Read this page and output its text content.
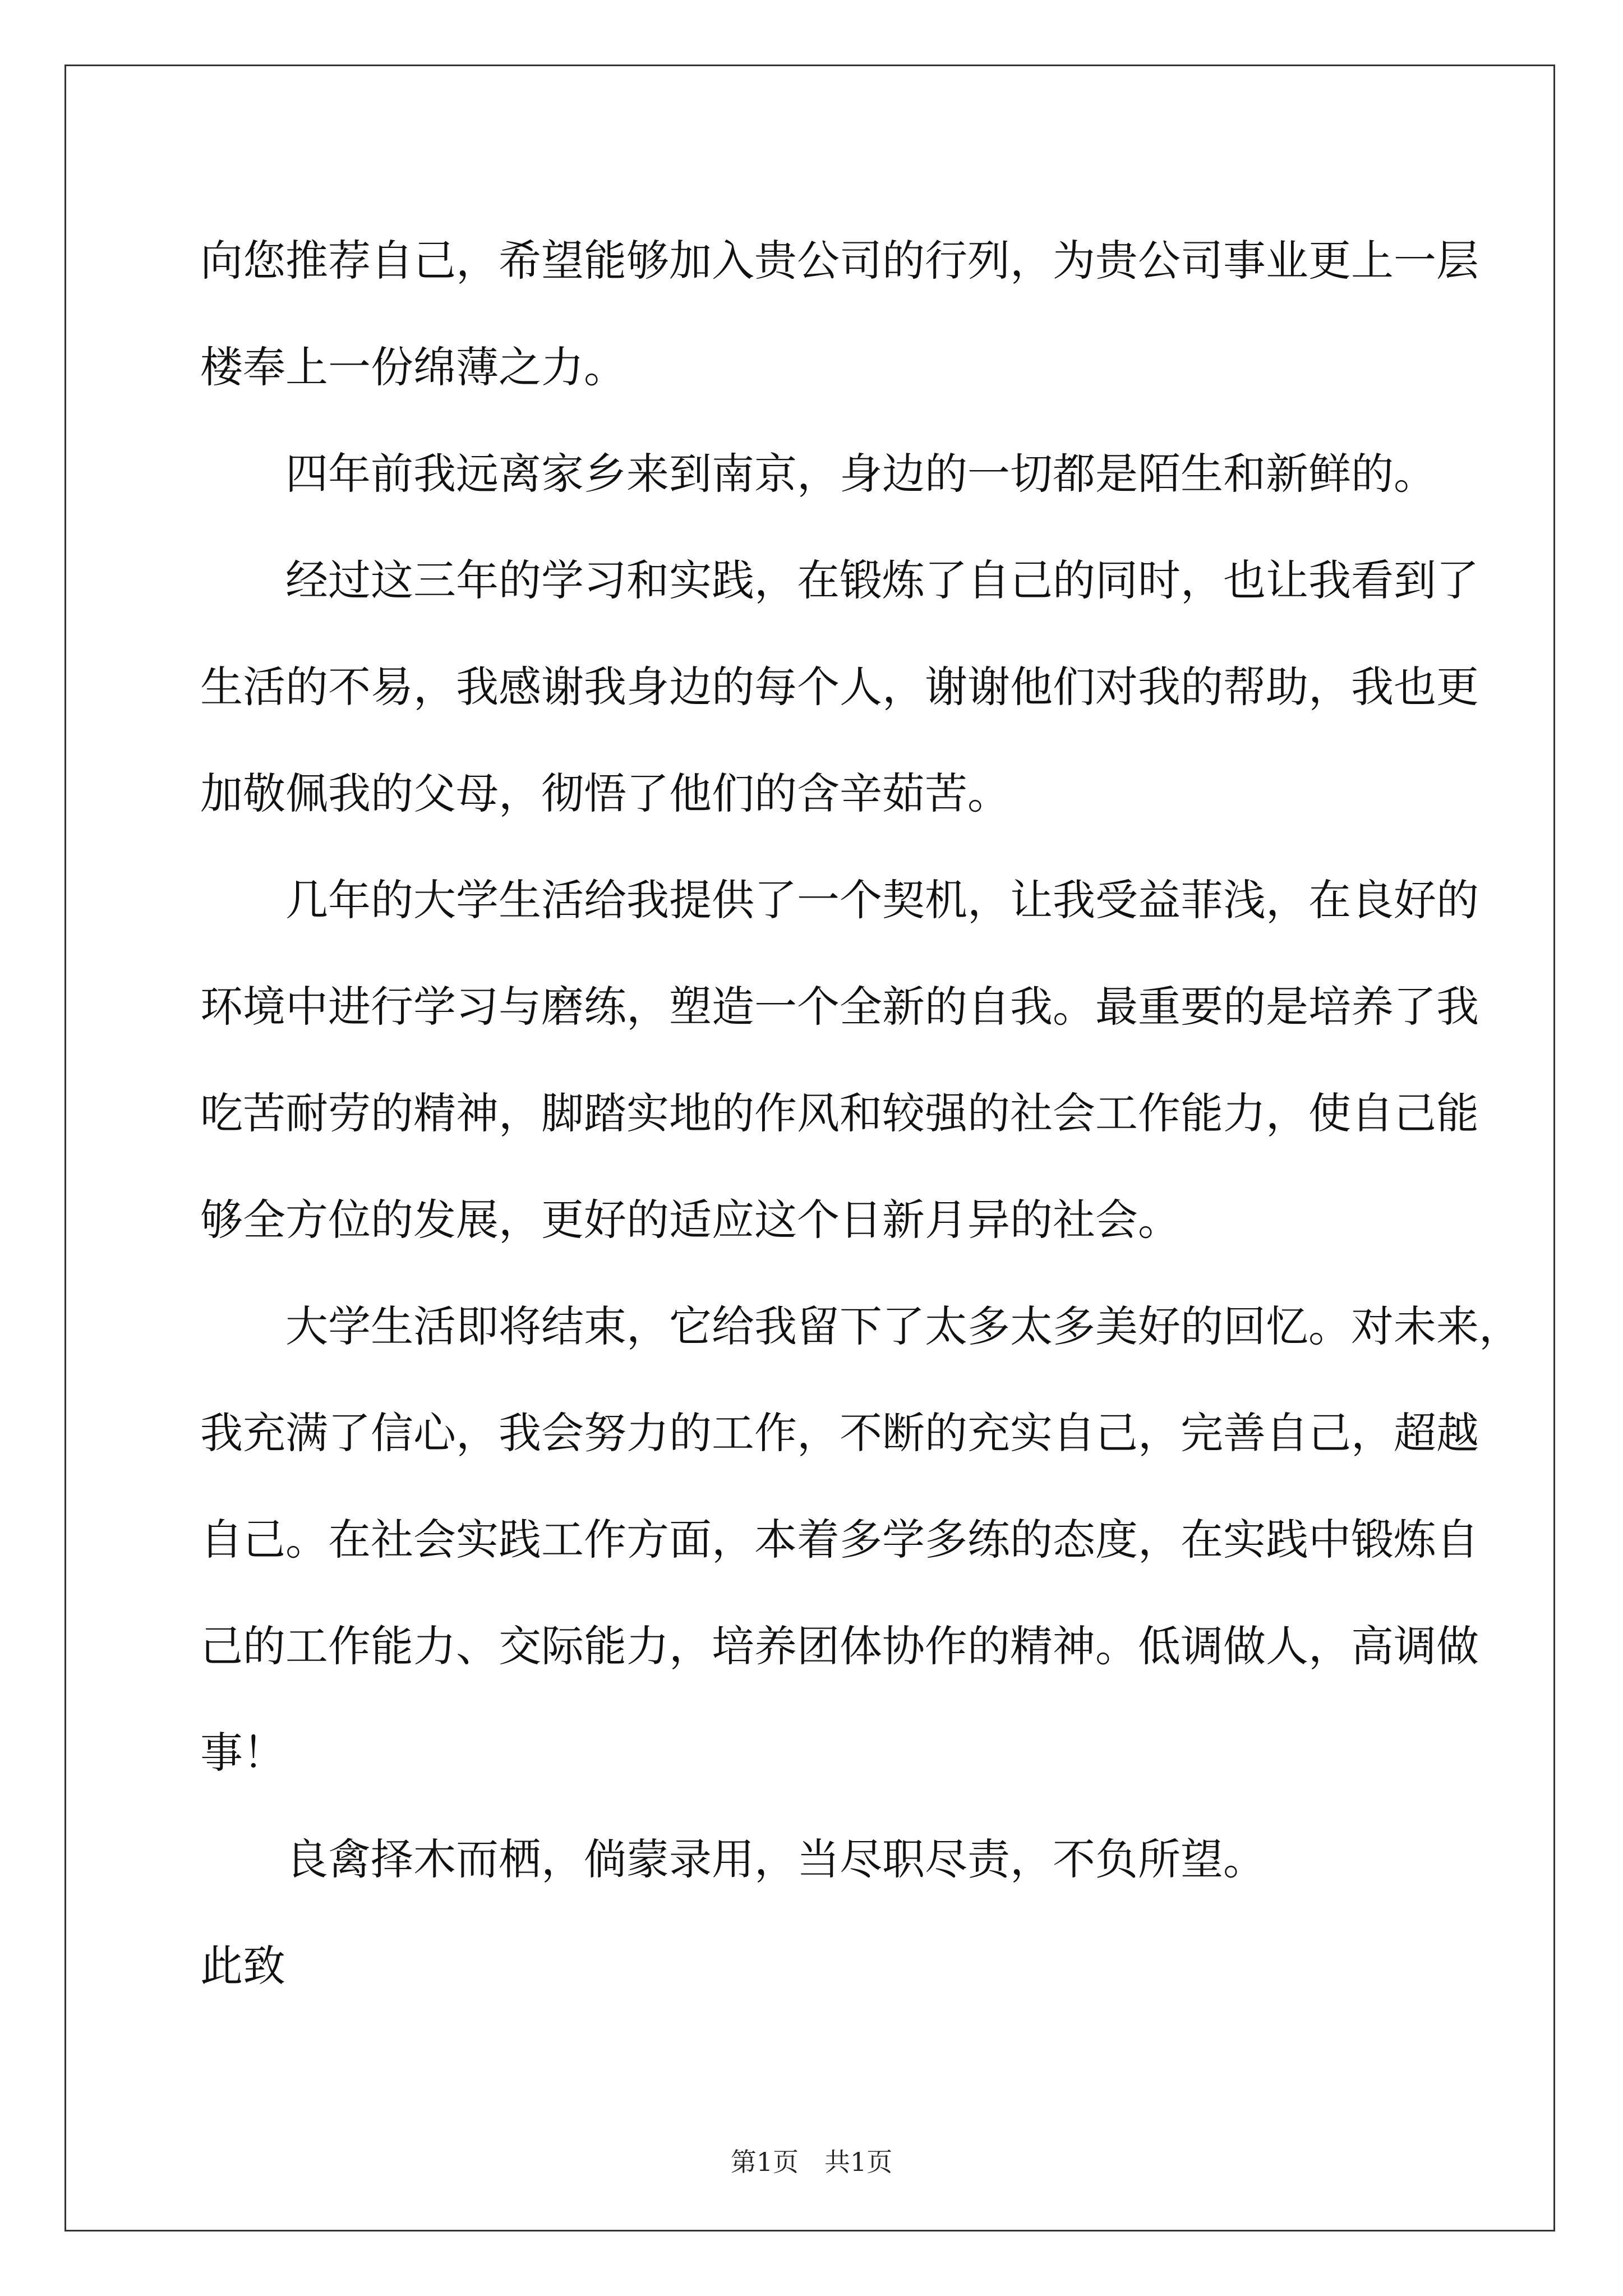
向您推荐自己，希望能够加入贵公司的行列，为贵公司事业更上一层
楼奉上一份绵薄之力。

四年前我远离家乡来到南京，身边的一切都是陌生和新鲜的。

经过这三年的学习和实践，在锻炼了自己的同时，也让我看到了
生活的不易，我感谢我身边的每个人，谢谢他们对我的帮助，我也更
加敬佩我的父母，彻悟了他们的含辛茹苦。

几年的大学生活给我提供了一个契机，让我受益菲浅，在良好的
环境中进行学习与磨练，塑造一个全新的自我。最重要的是培养了我
吃苦耐劳的精神，脚踏实地的作风和较强的社会工作能力，使自己能
够全方位的发展，更好的适应这个日新月异的社会。

大学生活即将结束，它给我留下了太多太多美好的回忆。对未来，
我充满了信心，我会努力的工作，不断的充实自己，完善自己，超越
自己。在社会实践工作方面，本着多学多练的态度，在实践中锻炼自
己的工作能力、交际能力，培养团体协作的精神。低调做人，高调做
事！

良禽择木而栖，倘蒙录用，当尽职尽责，不负所望。

此致

第1页　共1页
